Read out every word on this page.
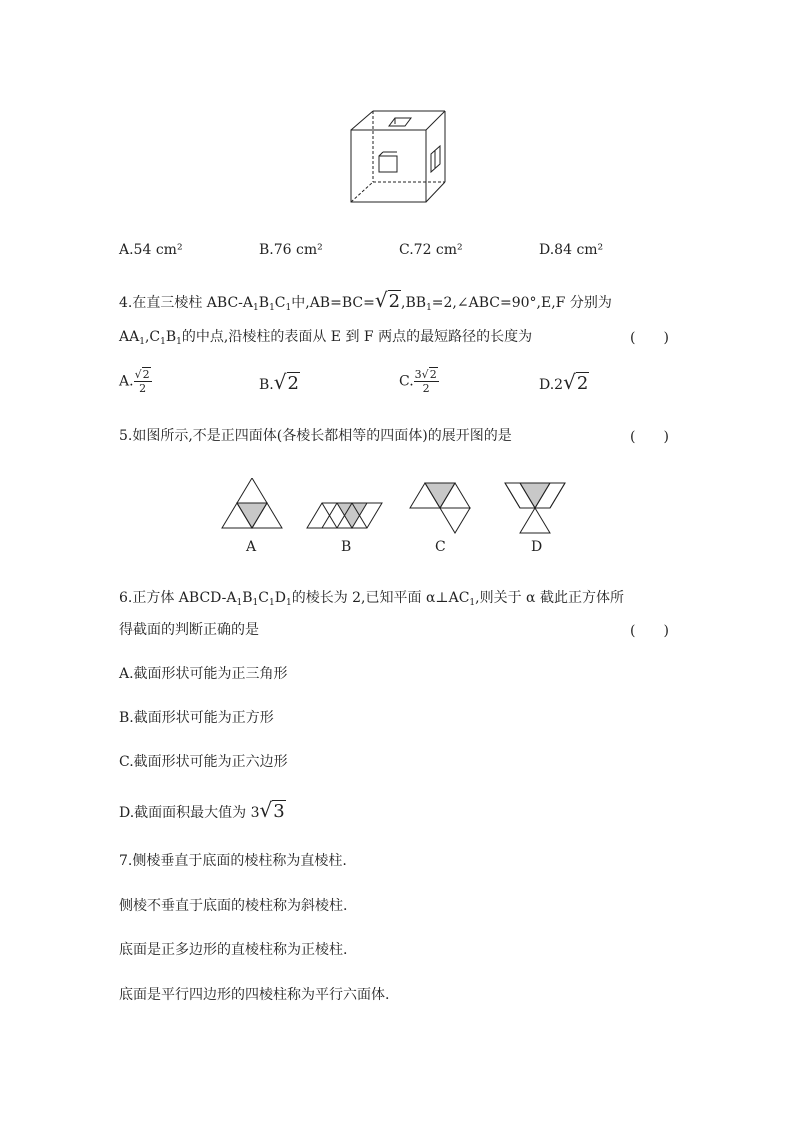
A.54 cm²	B.76 cm²	C.72 cm²	D.84 cm²
4.在直三棱柱 ABC-$A_1B_1C_1$中$,AB=BC=√2,BB_1=2,\angle ABC=90^\circ,E,F$ 分别为
$AA_1,C_1B_1$的中点,沿棱柱的表面从 E 到 F 两点的最短路径的长度为	(　　)
A. $\frac{√2}{2}$	B.√2	C. $\frac{3√2}{2}$	D.2√2
5.如图所示,不是正四面体(各棱长都相等的四面体)的展开图的是	(　　)
A	B	C	D
6.正方体 ABCD-$A_1B_1C_1D_1$的棱长为 2,已知平面 $\alpha\perp AC_1$,则关于 α 截此正方体所
得截面的判断正确的是	(　　)
A.截面形状可能为正三角形
B.截面形状可能为正方形
C.截面形状可能为正六边形
D.截面面积最大值为 3√3
7.侧棱垂直于底面的棱柱称为直棱柱.
侧棱不垂直于底面的棱柱称为斜棱柱.
底面是正多边形的直棱柱称为正棱柱.
底面是平行四边形的四棱柱称为平行六面体.
